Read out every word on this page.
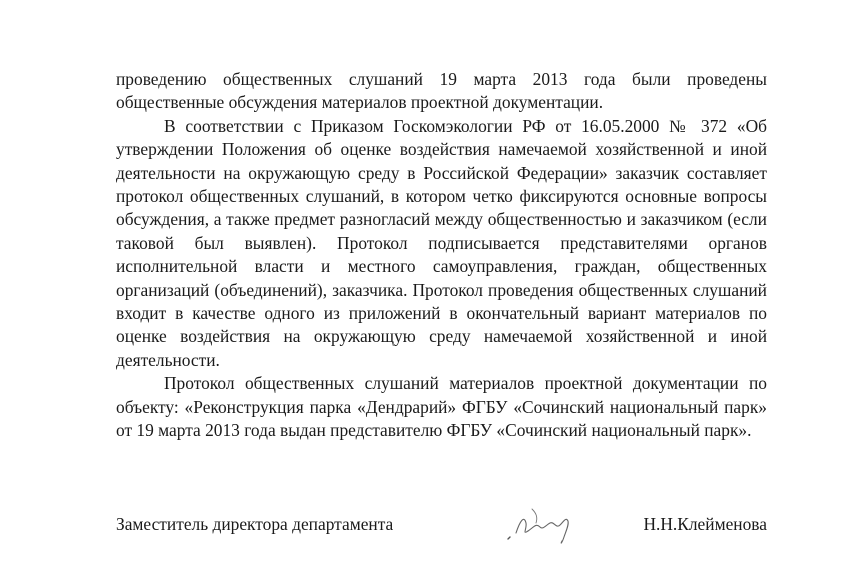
проведению общественных слушаний 19 марта 2013 года были проведены общественные обсуждения материалов проектной документации.

В соответствии с Приказом Госкомэкологии РФ от 16.05.2000 № 372 «Об утверждении Положения об оценке воздействия намечаемой хозяйственной и иной деятельности на окружающую среду в Российской Федерации» заказчик составляет протокол общественных слушаний, в котором четко фиксируются основные вопросы обсуждения, а также предмет разногласий между общественностью и заказчиком (если таковой был выявлен). Протокол подписывается представителями органов исполнительной власти и местного самоуправления, граждан, общественных организаций (объединений), заказчика. Протокол проведения общественных слушаний входит в качестве одного из приложений в окончательный вариант материалов по оценке воздействия на окружающую среду намечаемой хозяйственной и иной деятельности.

Протокол общественных слушаний материалов проектной документации по объекту: «Реконструкция парка «Дендрарий» ФГБУ «Сочинский национальный парк» от 19 марта 2013 года выдан представителю ФГБУ «Сочинский национальный парк».

Заместитель директора департамента	Н.Н.Клейменова
